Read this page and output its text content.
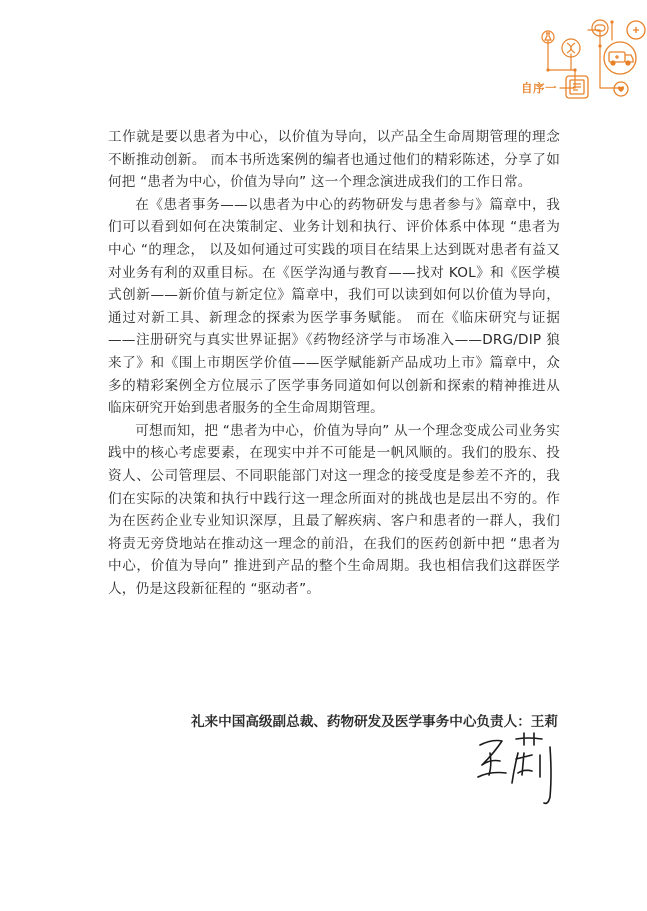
自序一

工作就是要以患者为中心，以价值为导向，以产品全生命周期管理的理念不断推动创新。 而本书所选案例的编者也通过他们的精彩陈述，分享了如何把 “患者为中心，价值为导向” 这一个理念演进成我们的工作日常。

在《患者事务——以患者为中心的药物研发与患者参与》篇章中，我们可以看到如何在决策制定、业务计划和执行、评价体系中体现 “患者为中心 “的理念， 以及如何通过可实践的项目在结果上达到既对患者有益又对业务有利的双重目标。在《医学沟通与教育——找对 KOL》和《医学模式创新——新价值与新定位》篇章中，我们可以读到如何以价值为导向，通过对新工具、新理念的探索为医学事务赋能。 而在《临床研究与证据——注册研究与真实世界证据》《药物经济学与市场准入——DRG/DIP 狼来了》和《围上市期医学价值——医学赋能新产品成功上市》篇章中，众多的精彩案例全方位展示了医学事务同道如何以创新和探索的精神推进从临床研究开始到患者服务的全生命周期管理。

可想而知，把 “患者为中心，价值为导向” 从一个理念变成公司业务实践中的核心考虑要素，在现实中并不可能是一帆风顺的。我们的股东、投资人、公司管理层、不同职能部门对这一理念的接受度是参差不齐的，我们在实际的决策和执行中践行这一理念所面对的挑战也是层出不穷的。作为在医药企业专业知识深厚，且最了解疾病、客户和患者的一群人，我们将责无旁贷地站在推动这一理念的前沿，在我们的医药创新中把 “患者为中心，价值为导向” 推进到产品的整个生命周期。我也相信我们这群医学人，仍是这段新征程的 “驱动者”。

礼来中国高级副总裁、药物研发及医学事务中心负责人：王莉
